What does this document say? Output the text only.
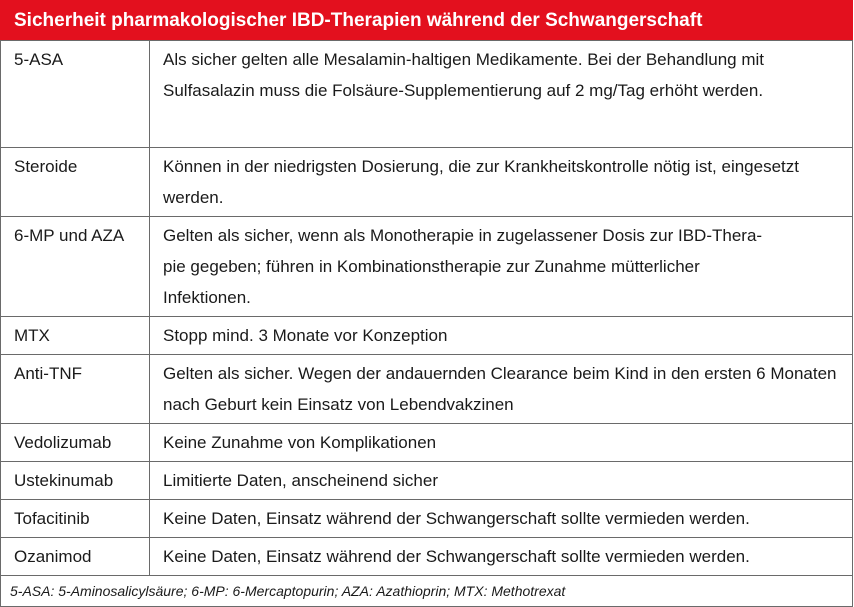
Sicherheit pharmakologischer IBD-Therapien während der Schwangerschaft
5-ASA	Als sicher gelten alle Mesalamin-haltigen Medikamente. Bei der Behandlung mit Sulfasalazin muss die Folsäure-Supplementierung auf 2 mg/Tag erhöht werden.
Steroide	Können in der niedrigsten Dosierung, die zur Krankheitskontrolle nötig ist, eingesetzt werden.
6-MP und AZA	Gelten als sicher, wenn als Monotherapie in zugelassener Dosis zur IBD-Thera-
pie gegeben; führen in Kombinationstherapie zur Zunahme mütterlicher
Infektionen.
MTX	Stopp mind. 3 Monate vor Konzeption
Anti-TNF	Gelten als sicher. Wegen der andauernden Clearance beim Kind in den ersten 6 Monaten nach Geburt kein Einsatz von Lebendvakzinen
Vedolizumab	Keine Zunahme von Komplikationen
Ustekinumab	Limitierte Daten, anscheinend sicher
Tofacitinib	Keine Daten, Einsatz während der Schwangerschaft sollte vermieden werden.
Ozanimod	Keine Daten, Einsatz während der Schwangerschaft sollte vermieden werden.
5-ASA: 5-Aminosalicylsäure; 6-MP: 6-Mercaptopurin; AZA: Azathioprin; MTX: Methotrexat
